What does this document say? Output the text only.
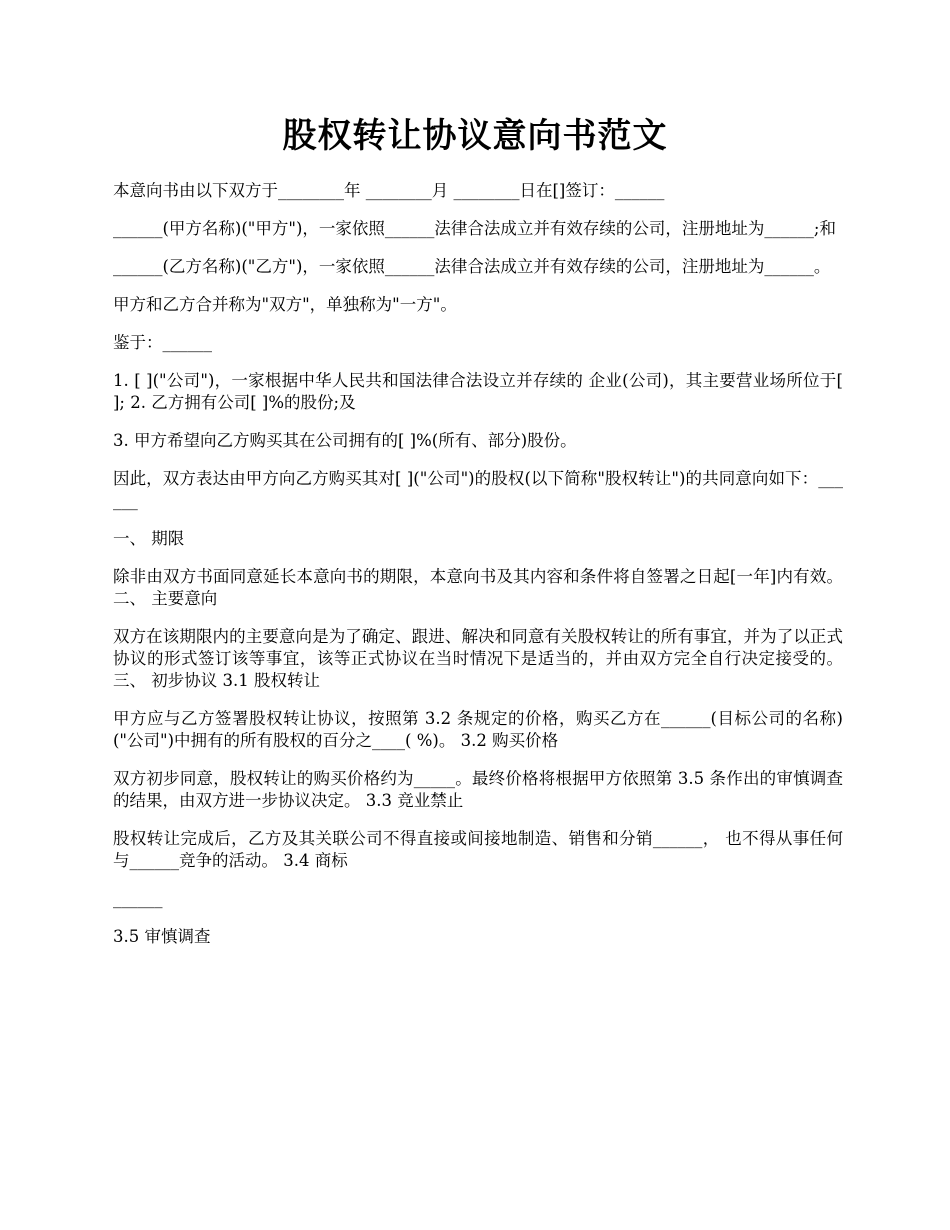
股权转让协议意向书范文

本意向书由以下双方于________年 ________月 ________日在[]签订：______

______(甲方名称)("甲方")，一家依照______法律合法成立并有效存续的公司，注册地址为______;和

______(乙方名称)("乙方")，一家依照______法律合法成立并有效存续的公司，注册地址为______。

甲方和乙方合并称为"双方"，单独称为"一方"。

鉴于：______

1. [ ]("公司")，一家根据中华人民共和国法律合法设立并存续的 企业(公司)，其主要营业场所位于[ ]; 2. 乙方拥有公司[ ]%的股份;及

3. 甲方希望向乙方购买其在公司拥有的[ ]%(所有、部分)股份。

因此，双方表达由甲方向乙方购买其对[ ]("公司")的股权(以下简称"股权转让")的共同意向如下：______

一、 期限

除非由双方书面同意延长本意向书的期限，本意向书及其内容和条件将自签署之日起[一年]内有效。 二、 主要意向

双方在该期限内的主要意向是为了确定、跟进、解决和同意有关股权转让的所有事宜，并为了以正式协议的形式签订该等事宜，该等正式协议在当时情况下是适当的，并由双方完全自行决定接受的。 三、 初步协议 3.1 股权转让

甲方应与乙方签署股权转让协议，按照第 3.2 条规定的价格，购买乙方在______(目标公司的名称)("公司")中拥有的所有股权的百分之____( %)。 3.2 购买价格

双方初步同意，股权转让的购买价格约为_____。最终价格将根据甲方依照第 3.5 条作出的审慎调查的结果，由双方进一步协议决定。 3.3 竞业禁止

股权转让完成后，乙方及其关联公司不得直接或间接地制造、销售和分销______， 也不得从事任何与______竞争的活动。 3.4 商标

______

3.5 审慎调查
